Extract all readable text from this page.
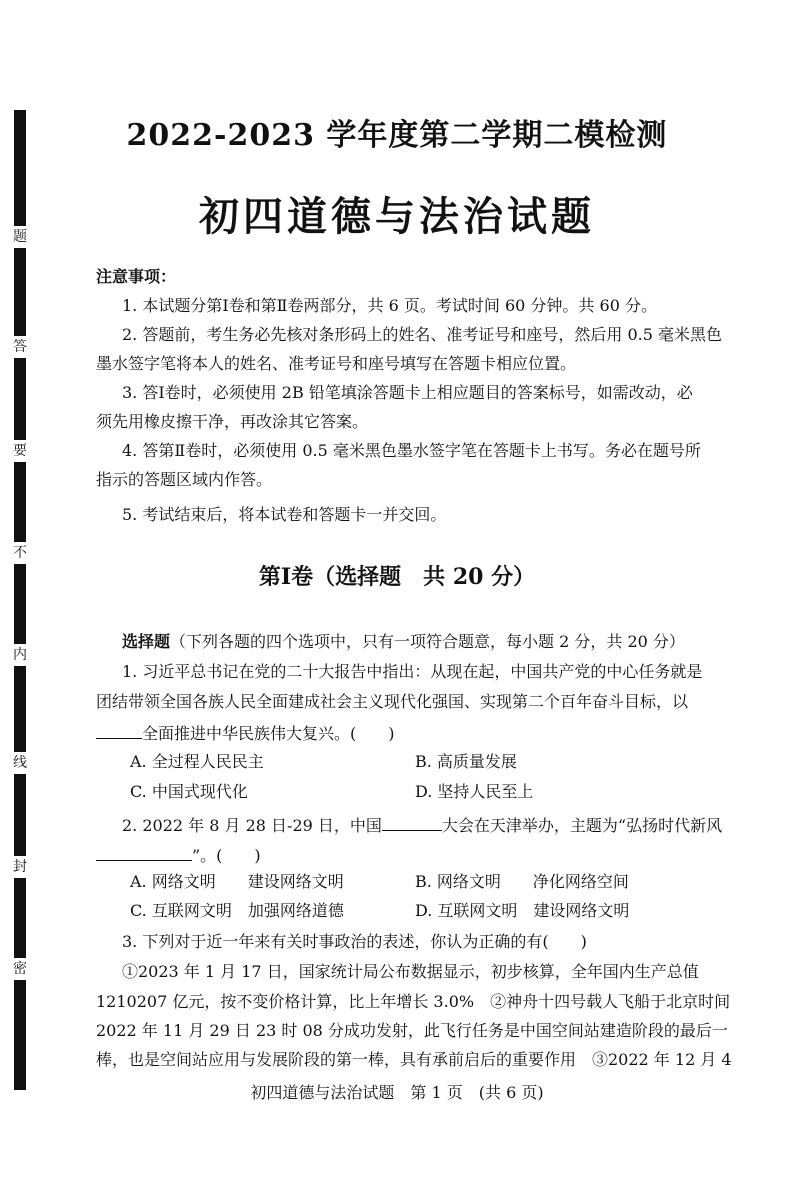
题
答
要
不
内
线
封
密
2022-2023 学年度第二学期二模检测
初四道德与法治试题
注意事项：
1. 本试题分第Ⅰ卷和第Ⅱ卷两部分，共 6 页。考试时间 60 分钟。共 60 分。
2. 答题前，考生务必先核对条形码上的姓名、准考证号和座号，然后用 0.5 毫米黑色
墨水签字笔将本人的姓名、准考证号和座号填写在答题卡相应位置。
3. 答Ⅰ卷时，必须使用 2B 铅笔填涂答题卡上相应题目的答案标号，如需改动，必
须先用橡皮擦干净，再改涂其它答案。
4. 答第Ⅱ卷时，必须使用 0.5 毫米黑色墨水签字笔在答题卡上书写。务必在题号所
指示的答题区域内作答。
5. 考试结束后，将本试卷和答题卡一并交回。
第Ⅰ卷（选择题　共 20 分）
选择题（下列各题的四个选项中，只有一项符合题意，每小题 2 分，共 20 分）
1. 习近平总书记在党的二十大报告中指出：从现在起，中国共产党的中心任务就是
团结带领全国各族人民全面建成社会主义现代化强国、实现第二个百年奋斗目标，以
全面推进中华民族伟大复兴。(　　)
A. 全过程人民民主	B. 高质量发展
C. 中国式现代化	D. 坚持人民至上
2. 2022 年 8 月 28 日-29 日，中国	大会在天津举办，主题为“弘扬时代新风
”。(　　)
A. 网络文明　　建设网络文明	B. 网络文明　　净化网络空间
C. 互联网文明　加强网络道德	D. 互联网文明　建设网络文明
3. 下列对于近一年来有关时事政治的表述，你认为正确的有(　　)
①2023 年 1 月 17 日，国家统计局公布数据显示，初步核算，全年国内生产总值
1210207 亿元，按不变价格计算，比上年增长 3.0%　②神舟十四号载人飞船于北京时间
2022 年 11 月 29 日 23 时 08 分成功发射，此飞行任务是中国空间站建造阶段的最后一
棒，也是空间站应用与发展阶段的第一棒，具有承前启后的重要作用　③2022 年 12 月 4
初四道德与法治试题　第 1 页　(共 6 页)
